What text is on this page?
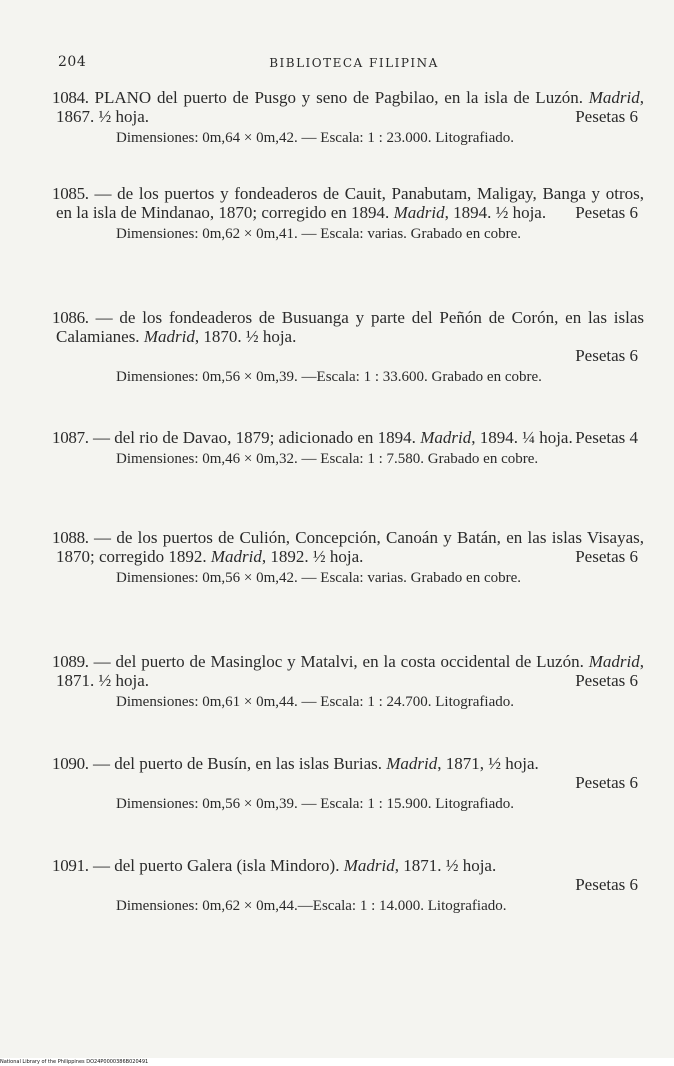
204	BIBLIOTECA FILIPINA

1084. PLANO del puerto de Pusgo y seno de Pagbilao, en la isla de Luzón. Madrid, 1867. ½ hoja.	Pesetas 6

Dimensiones: 0m,64 × 0m,42. — Escala: 1 : 23.000. Litografiado.

1085. — de los puertos y fondeaderos de Cauit, Panabutam, Maligay, Banga y otros, en la isla de Mindanao, 1870; corregido en 1894. Madrid, 1894. ½ hoja. Pesetas 6

Dimensiones: 0m,62 × 0m,41. — Escala: varias. Grabado en cobre.

1086. — de los fondeaderos de Busuanga y parte del Peñón de Corón, en las islas Calamianes. Madrid, 1870. ½ hoja.
Pesetas 6

Dimensiones: 0m,56 × 0m,39. —Escala: 1 : 33.600. Grabado en cobre.

1087. — del rio de Davao, 1879; adicionado en 1894. Madrid, 1894. ¼ hoja. Pesetas 4

Dimensiones: 0m,46 × 0m,32. — Escala: 1 : 7.580. Grabado en cobre.

1088. — de los puertos de Culión, Concepción, Canoán y Batán, en las islas Visayas, 1870; corregido 1892. Madrid, 1892. ½ hoja.	Pesetas 6

Dimensiones: 0m,56 × 0m,42. — Escala: varias. Grabado en cobre.

1089. — del puerto de Masingloc y Matalvi, en la costa occidental de Luzón. Madrid, 1871. ½ hoja.	Pesetas 6

Dimensiones: 0m,61 × 0m,44. — Escala: 1 : 24.700. Litografiado.

1090. — del puerto de Busín, en las islas Burias. Madrid, 1871, ½ hoja.
Pesetas 6

Dimensiones: 0m,56 × 0m,39. — Escala: 1 : 15.900. Litografiado.

1091. — del puerto Galera (isla Mindoro). Madrid, 1871. ½ hoja.
Pesetas 6

Dimensiones: 0m,62 × 0m,44.—Escala: 1 : 14.000. Litografiado.

National Library of the Philippines DO24P0000386B020491
